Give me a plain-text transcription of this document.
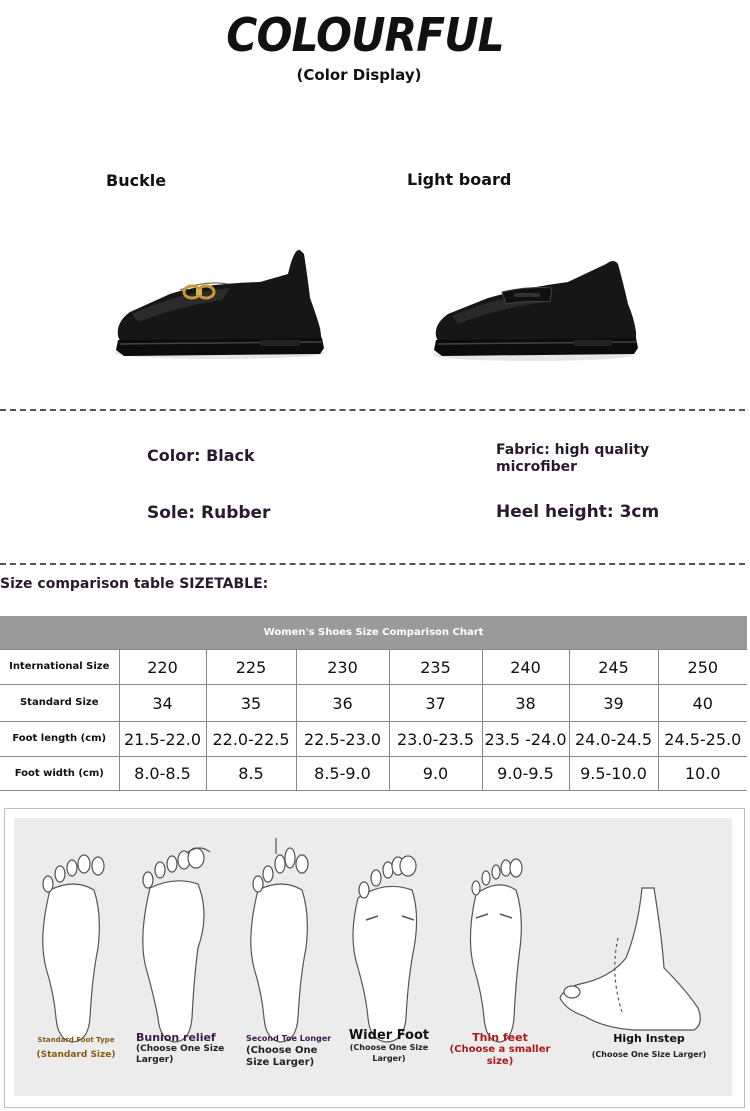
COLOURFUL
(Color Display)
Buckle	Light board
Color: Black	Fabric: high quality microfiber
Sole: Rubber	Heel height: 3cm
Size comparison table SIZETABLE:
Women's Shoes Size Comparison Chart							
International Size	220	225	230	235	240	245	250
Standard Size	34	35	36	37	38	39	40
Foot length (cm)	21.5-22.0	22.0-22.5	22.5-23.0	23.0-23.5	23.5 -24.0	24.0-24.5	24.5-25.0
Foot width (cm)	8.0-8.5	8.5	8.5-9.0	9.0	9.0-9.5	9.5-10.0	10.0
Standard Foot Type
(Standard Size)
Bunion relief
(Choose One Size Larger)
Second Toe Longer
(Choose One Size Larger)
Wider Foot
(Choose One Size Larger)
Thin feet
(Choose a smaller size)
High Instep
(Choose One Size Larger)
